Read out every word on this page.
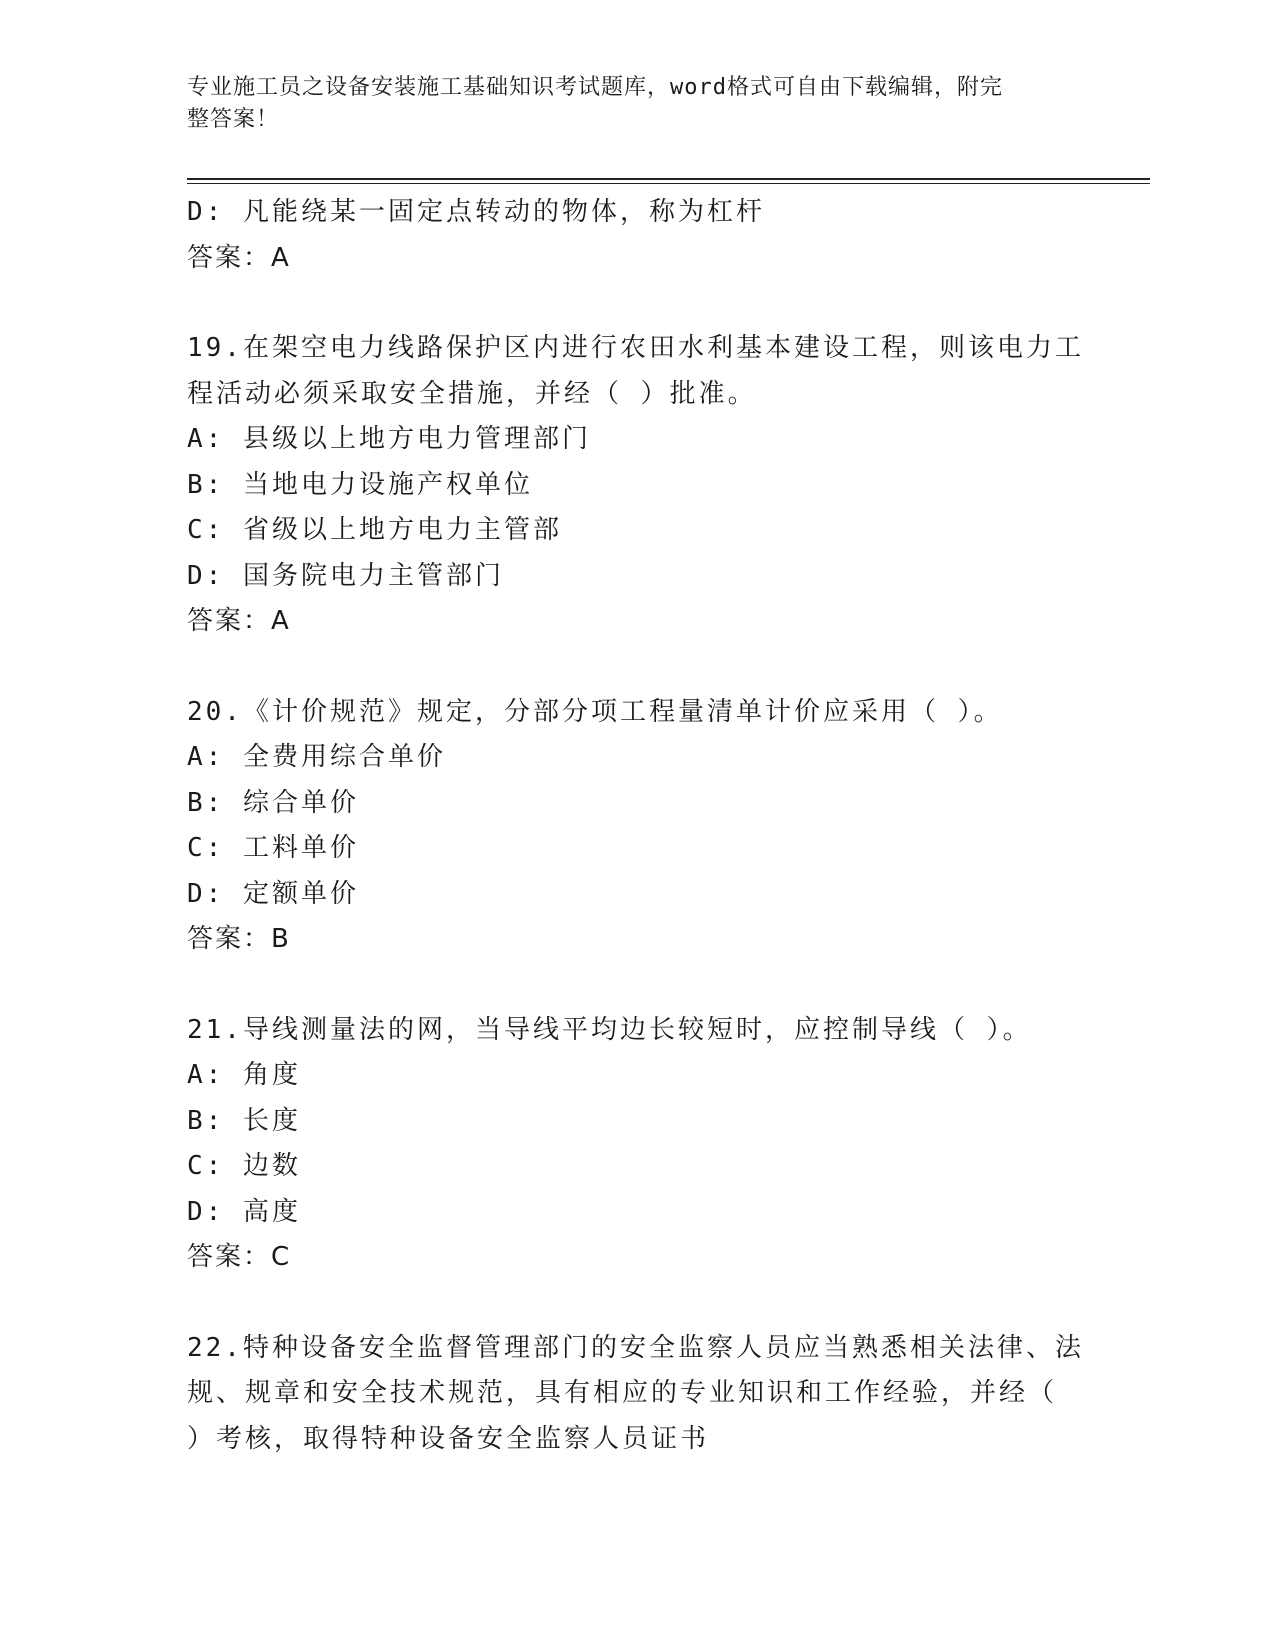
专业施工员之设备安装施工基础知识考试题库，word格式可自由下载编辑，附完
整答案！
D: 凡能绕某一固定点转动的物体，称为杠杆
答案：A
19.在架空电力线路保护区内进行农田水利基本建设工程，则该电力工
程活动必须采取安全措施，并经（ ）批准。
A: 县级以上地方电力管理部门
B: 当地电力设施产权单位
C: 省级以上地方电力主管部
D: 国务院电力主管部门
答案：A
20.《计价规范》规定，分部分项工程量清单计价应采用（ ）。
A: 全费用综合单价
B: 综合单价
C: 工料单价
D: 定额单价
答案：B
21.导线测量法的网，当导线平均边长较短时，应控制导线（ ）。
A: 角度
B: 长度
C: 边数
D: 高度
答案：C
22.特种设备安全监督管理部门的安全监察人员应当熟悉相关法律、法
规、规章和安全技术规范，具有相应的专业知识和工作经验，并经（
）考核，取得特种设备安全监察人员证书
